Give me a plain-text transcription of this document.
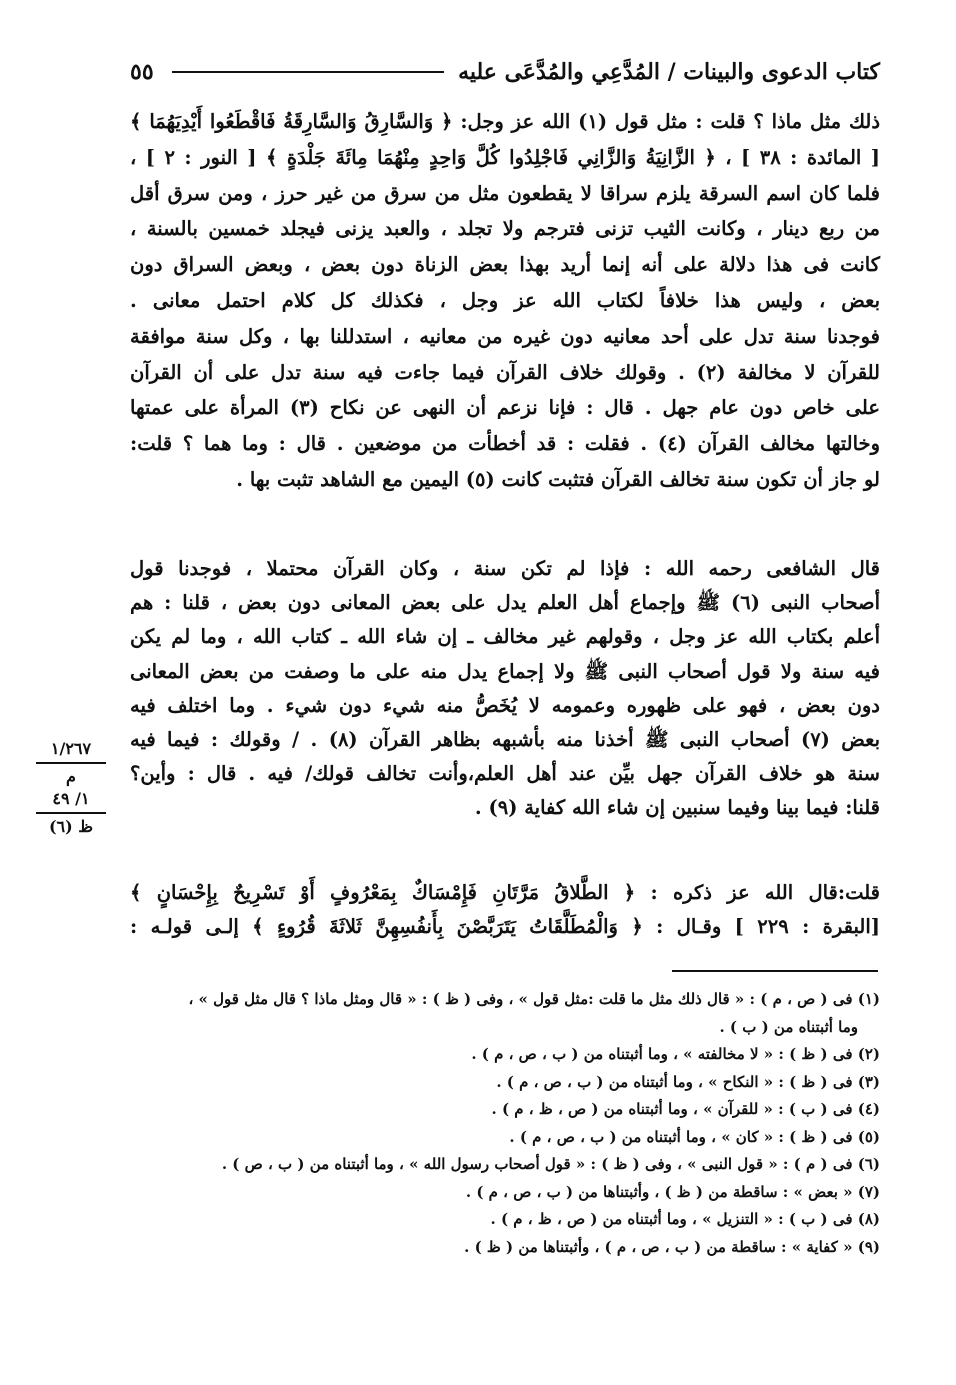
كتاب الدعوى والبينات / المُدَّعِي والمُدَّعَى عليه
٥٥
ذلك مثل ماذا ؟ قلت : مثل قول (١) الله عز وجل: ﴿ وَالسَّارِقُ وَالسَّارِقَةُ فَاقْطَعُوا أَيْدِيَهُمَا ﴾
[ المائدة : ٣٨ ] ، ﴿ الزَّانِيَةُ وَالزَّانِي فَاجْلِدُوا كُلَّ وَاحِدٍ مِنْهُمَا مِائَةَ جَلْدَةٍ ﴾ [ النور : ٢ ] ،
فلما كان اسم السرقة يلزم سراقا لا يقطعون مثل من سرق من غير حرز ، ومن سرق أقل
من ربع دينار ، وكانت الثيب تزنى فترجم ولا تجلد ، والعبد يزنى فيجلد خمسين بالسنة ،
كانت فى هذا دلالة على أنه إنما أريد بهذا بعض الزناة دون بعض ، وبعض السراق دون
بعض ، وليس هذا خلافاً لكتاب الله عز وجل ، فكذلك كل كلام احتمل معانى .
فوجدنا سنة تدل على أحد معانيه دون غيره من معانيه ، استدللنا بها ، وكل سنة موافقة
للقرآن لا مخالفة (٢) . وقولك خلاف القرآن فيما جاءت فيه سنة تدل على أن القرآن
على خاص دون عام جهل . قال : فإنا نزعم أن النهى عن نكاح (٣) المرأة على عمتها
وخالتها مخالف القرآن (٤) . فقلت : قد أخطأت من موضعين . قال : وما هما ؟ قلت:
لو جاز أن تكون سنة تخالف القرآن فتثبت كانت (٥) اليمين مع الشاهد تثبت بها .
قال الشافعى رحمه الله : فإذا لم تكن سنة ، وكان القرآن محتملا ، فوجدنا قول
أصحاب النبى (٦) ﷺ وإجماع أهل العلم يدل على بعض المعانى دون بعض ، قلنا : هم
أعلم بكتاب الله عز وجل ، وقولهم غير مخالف ـ إن شاء الله ـ كتاب الله ، وما لم يكن
فيه سنة ولا قول أصحاب النبى ﷺ ولا إجماع يدل منه على ما وصفت من بعض المعانى
دون بعض ، فهو على ظهوره وعمومه لا يُخَصُّ منه شيء دون شيء . وما اختلف فيه
بعض (٧) أصحاب النبى ﷺ أخذنا منه بأشبهه بظاهر القرآن (٨) . / وقولك : فيما فيه
سنة هو خلاف القرآن جهل بيِّن عند أهل العلم،وأنت تخالف قولك/ فيه . قال : وأين؟
قلنا: فيما بينا وفيما سنبين إن شاء الله كفاية (٩) .
١/٢٦٧
م
١/ ٤٩
ظ (٦)
قلت:قال الله عز ذكره : ﴿ الطَّلاقُ مَرَّتَانِ فَإِمْسَاكٌ بِمَعْرُوفٍ أَوْ تَسْرِيحٌ بِإِحْسَانٍ ﴾
[البقرة : ٢٢٩ ] وقـال : ﴿ وَالْمُطَلَّقَاتُ يَتَرَبَّصْنَ بِأَنفُسِهِنَّ ثَلاثَةَ قُرُوءٍ ﴾ إلـى قولـه :
(١) فى ( ص ، م ) : « قال ذلك مثل ما قلت :مثل قول » ، وفى ( ظ ) : « قال ومثل ماذا ؟ قال مثل قول » ،
وما أثبتناه من ( ب ) .
(٢) فى ( ظ ) : « لا مخالفته » ، وما أثبتناه من ( ب ، ص ، م ) .
(٣) فى ( ظ ) : « النكاح » ، وما أثبتناه من ( ب ، ص ، م ) .
(٤) فى ( ب ) : « للقرآن » ، وما أثبتناه من ( ص ، ظ ، م ) .
(٥) فى ( ظ ) : « كان » ، وما أثبتناه من ( ب ، ص ، م ) .
(٦) فى ( م ) : « قول النبى » ، وفى ( ظ ) : « قول أصحاب رسول الله » ، وما أثبتناه من ( ب ، ص ) .
(٧) « بعض » : ساقطة من ( ظ ) ، وأثبتناها من ( ب ، ص ، م ) .
(٨) فى ( ب ) : « التنزيل » ، وما أثبتناه من ( ص ، ظ ، م ) .
(٩) « كفاية » : ساقطة من ( ب ، ص ، م ) ، وأثبتناها من ( ظ ) .
